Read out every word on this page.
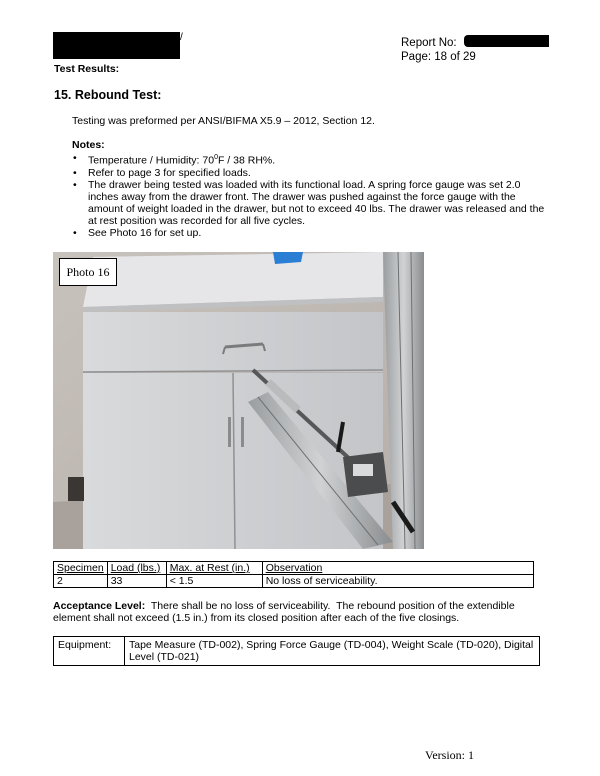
/
Test Results:
Report No:
Page: 18 of 29
15. Rebound Test:
Testing was preformed per ANSI/BIFMA X5.9 – 2012, Section 12.
Notes:
• Temperature / Humidity: $70^0F / 38$ RH%.
• Refer to page 3 for specified loads.
• The drawer being tested was loaded with its functional load. A spring force gauge was set 2.0 inches away from the drawer front. The drawer was pushed against the force gauge with the amount of weight loaded in the drawer, but not to exceed 40 lbs. The drawer was released and the at rest position was recorded for all five cycles.
• See Photo 16 for set up.
Photo 16
Specimen	Load (lbs.)	Max. at Rest (in.)	Observation
2	33	< 1.5	No loss of serviceability.
Acceptance Level:  There shall be no loss of serviceability.  The rebound position of the extendible element shall not exceed (1.5 in.) from its closed position after each of the five closings.
Equipment:	Tape Measure (TD-002), Spring Force Gauge (TD-004), Weight Scale (TD-020), Digital Level (TD-021)
Version: 1
